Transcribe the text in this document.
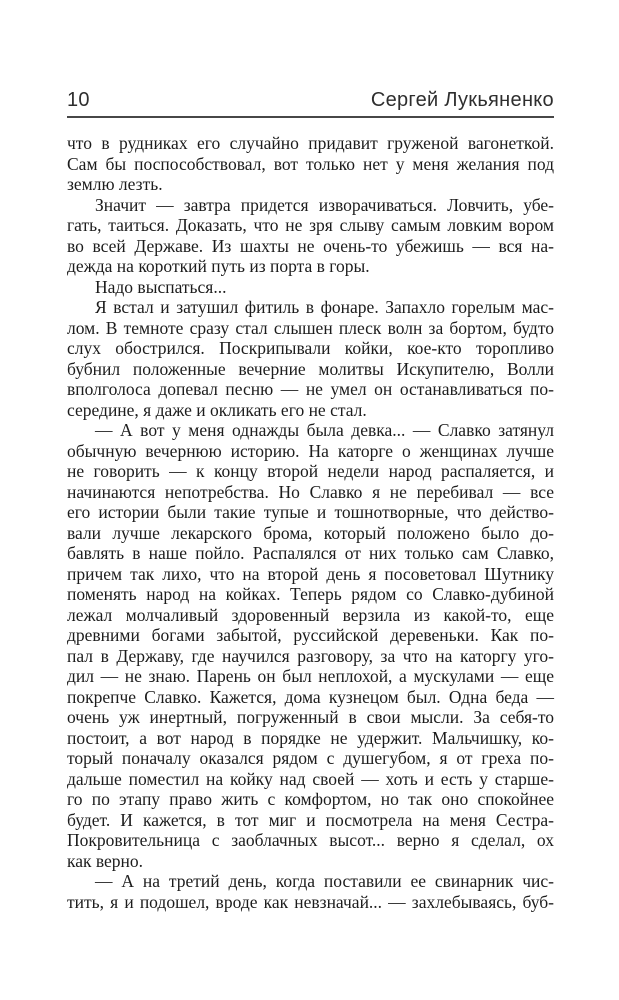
10	Сергей Лукьяненко
что в рудниках его случайно придавит груженой вагонеткой.
Сам бы поспособствовал, вот только нет у меня желания под
землю лезть.
Значит — завтра придется изворачиваться. Ловчить, убе-
гать, таиться. Доказать, что не зря слыву самым ловким вором
во всей Державе. Из шахты не очень-то убежишь — вся на-
дежда на короткий путь из порта в горы.
Надо выспаться...
Я встал и затушил фитиль в фонаре. Запахло горелым мас-
лом. В темноте сразу стал слышен плеск волн за бортом, будто
слух обострился. Поскрипывали койки, кое-кто торопливо
бубнил положенные вечерние молитвы Искупителю, Волли
вполголоса допевал песню — не умел он останавливаться по-
середине, я даже и окликать его не стал.
— А вот у меня однажды была девка... — Славко затянул
обычную вечернюю историю. На каторге о женщинах лучше
не говорить — к концу второй недели народ распаляется, и
начинаются непотребства. Но Славко я не перебивал — все
его истории были такие тупые и тошнотворные, что действо-
вали лучше лекарского брома, который положено было до-
бавлять в наше пойло. Распалялся от них только сам Славко,
причем так лихо, что на второй день я посоветовал Шутнику
поменять народ на койках. Теперь рядом со Славко-дубиной
лежал молчаливый здоровенный верзила из какой-то, еще
древними богами забытой, руссийской деревеньки. Как по-
пал в Державу, где научился разговору, за что на каторгу уго-
дил — не знаю. Парень он был неплохой, а мускулами — еще
покрепче Славко. Кажется, дома кузнецом был. Одна беда —
очень уж инертный, погруженный в свои мысли. За себя-то
постоит, а вот народ в порядке не удержит. Мальчишку, ко-
торый поначалу оказался рядом с душегубом, я от греха по-
дальше поместил на койку над своей — хоть и есть у старше-
го по этапу право жить с комфортом, но так оно спокойнее
будет. И кажется, в тот миг и посмотрела на меня Сестра-
Покровительница с заоблачных высот... верно я сделал, ох
как верно.
— А на третий день, когда поставили ее свинарник чис-
тить, я и подошел, вроде как невзначай... — захлебываясь, буб-
